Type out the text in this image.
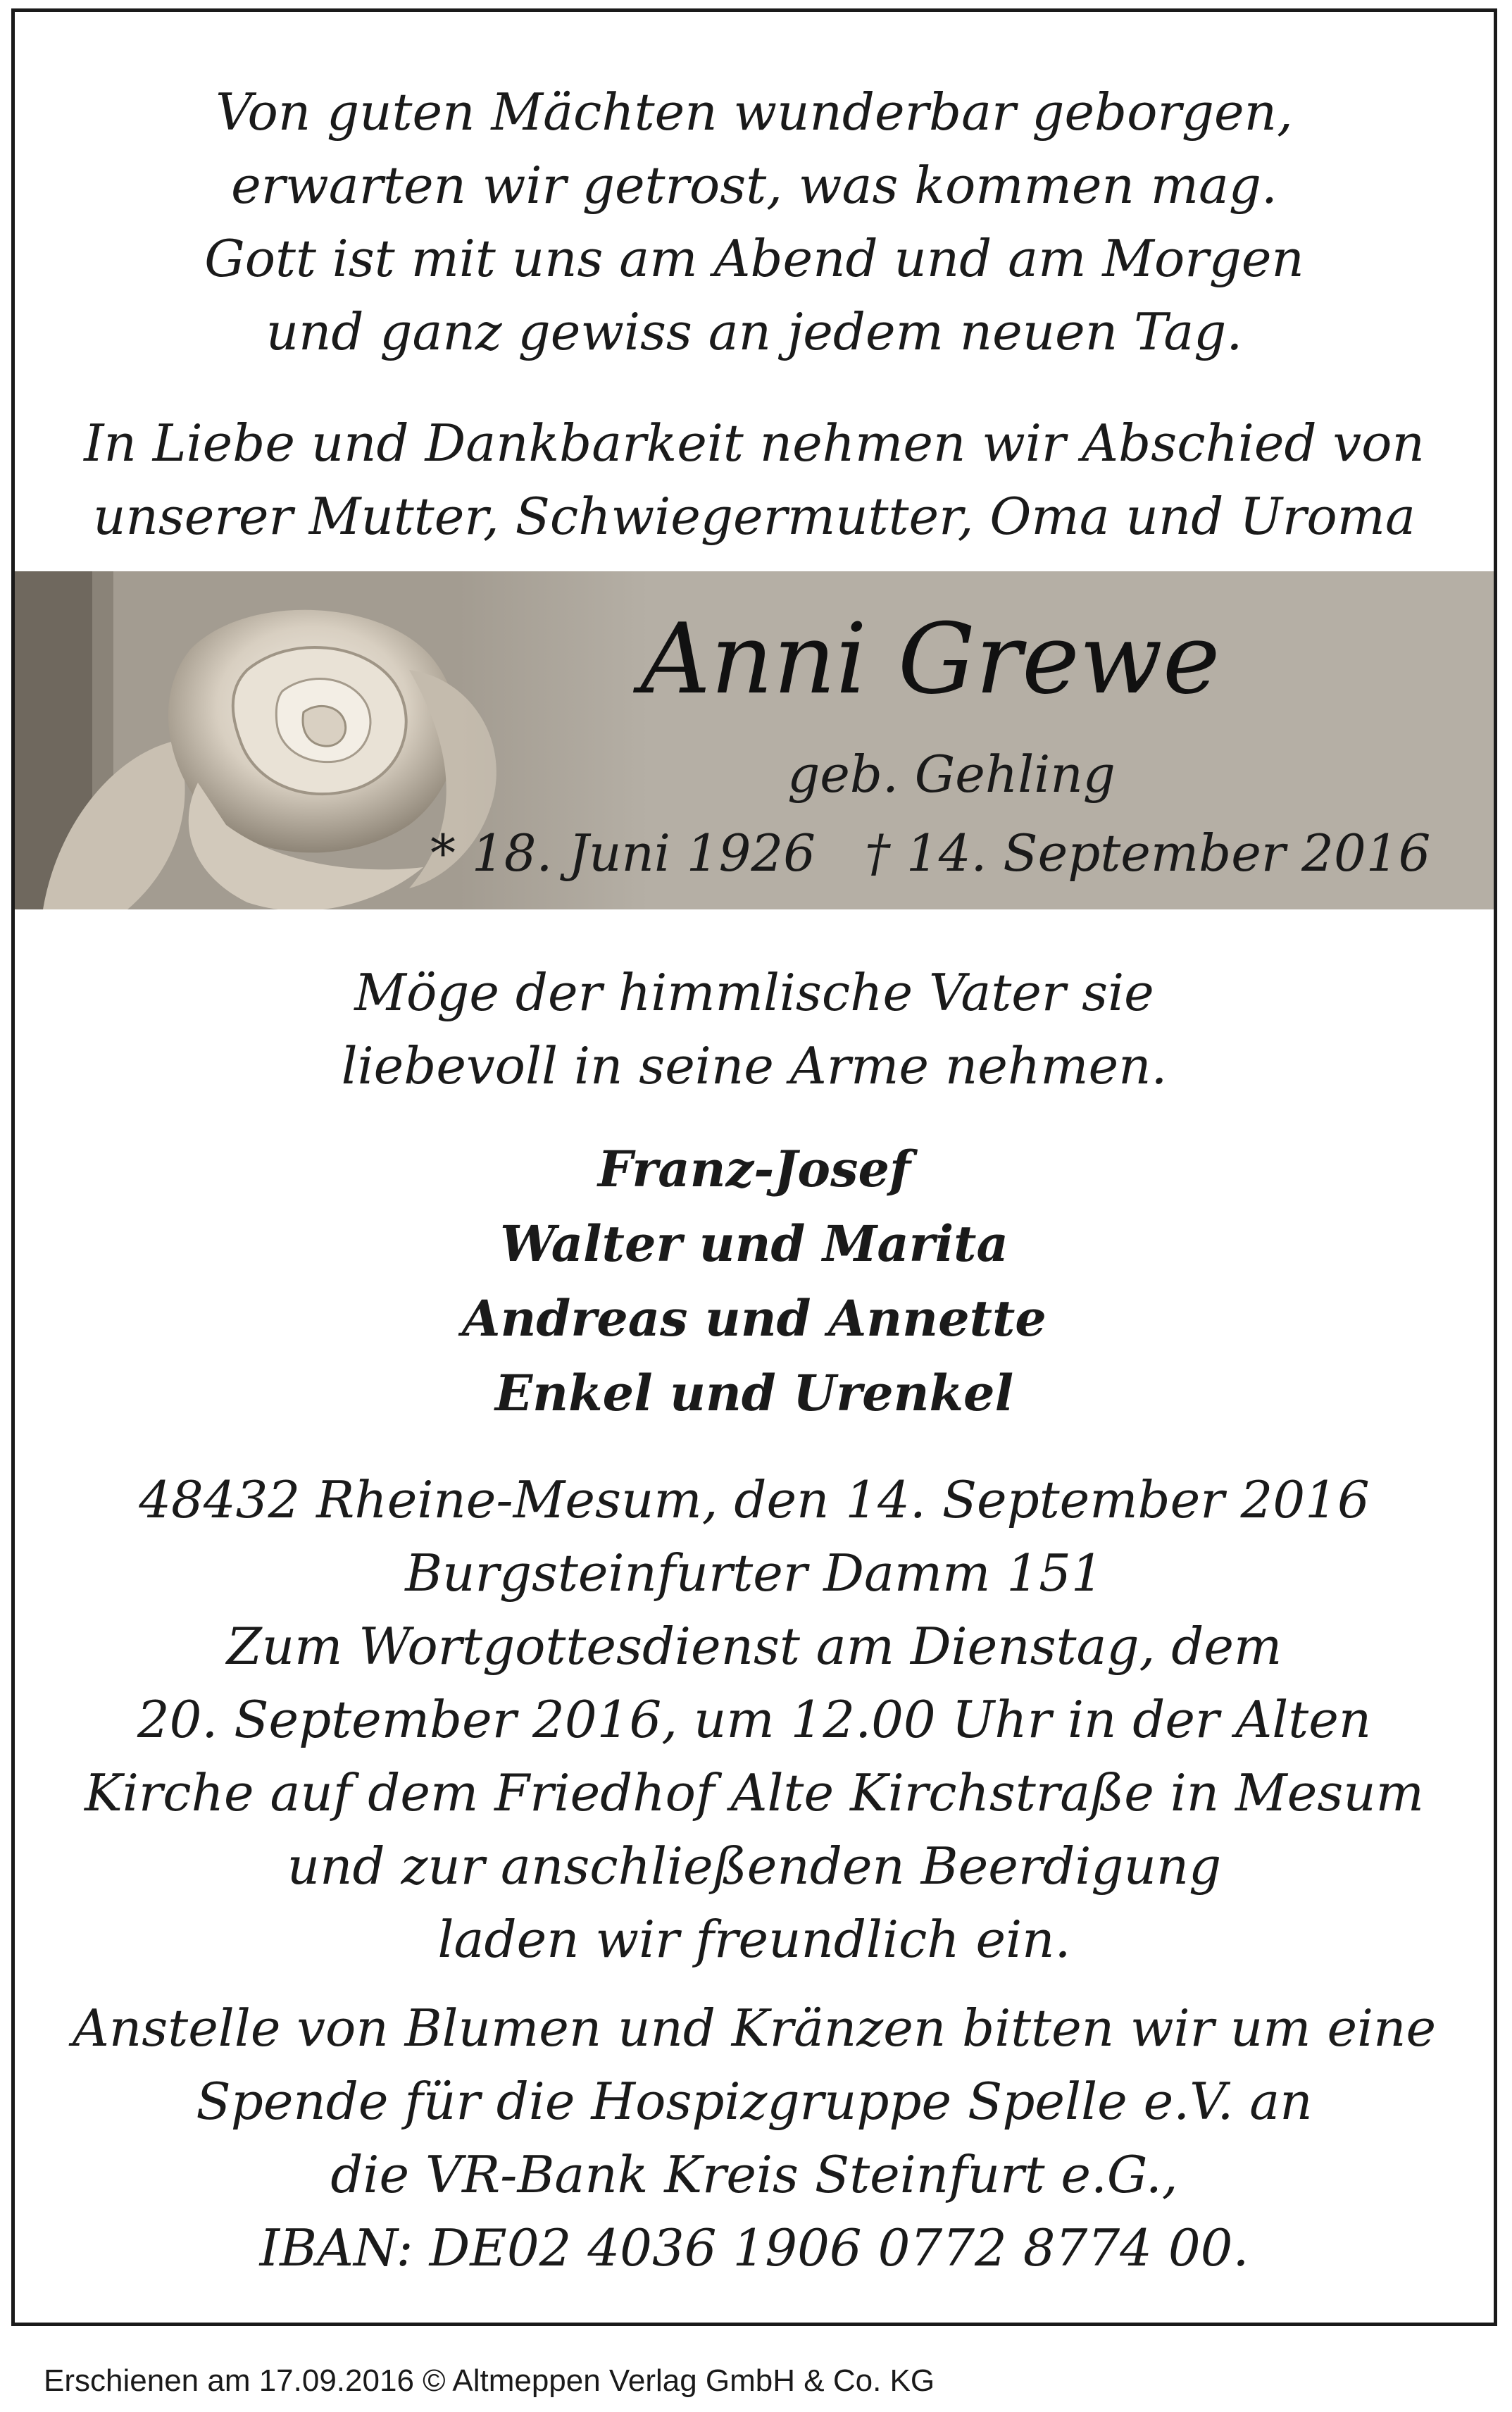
Von guten Mächten wunderbar geborgen,
erwarten wir getrost, was kommen mag.
Gott ist mit uns am Abend und am Morgen
und ganz gewiss an jedem neuen Tag.
In Liebe und Dankbarkeit nehmen wir Abschied von
unserer Mutter, Schwiegermutter, Oma und Uroma
Anni Grewe
geb. Gehling
* 18. Juni 1926 † 14. September 2016
Möge der himmlische Vater sie
liebevoll in seine Arme nehmen.
Franz-Josef
Walter und Marita
Andreas und Annette
Enkel und Urenkel
48432 Rheine-Mesum, den 14. September 2016
Burgsteinfurter Damm 151
Zum Wortgottesdienst am Dienstag, dem
20. September 2016, um 12.00 Uhr in der Alten
Kirche auf dem Friedhof Alte Kirchstraße in Mesum
und zur anschließenden Beerdigung
laden wir freundlich ein.
Anstelle von Blumen und Kränzen bitten wir um eine
Spende für die Hospizgruppe Spelle e.V. an
die VR-Bank Kreis Steinfurt e.G.,
IBAN: DE02 4036 1906 0772 8774 00.
Erschienen am 17.09.2016 © Altmeppen Verlag GmbH & Co. KG
